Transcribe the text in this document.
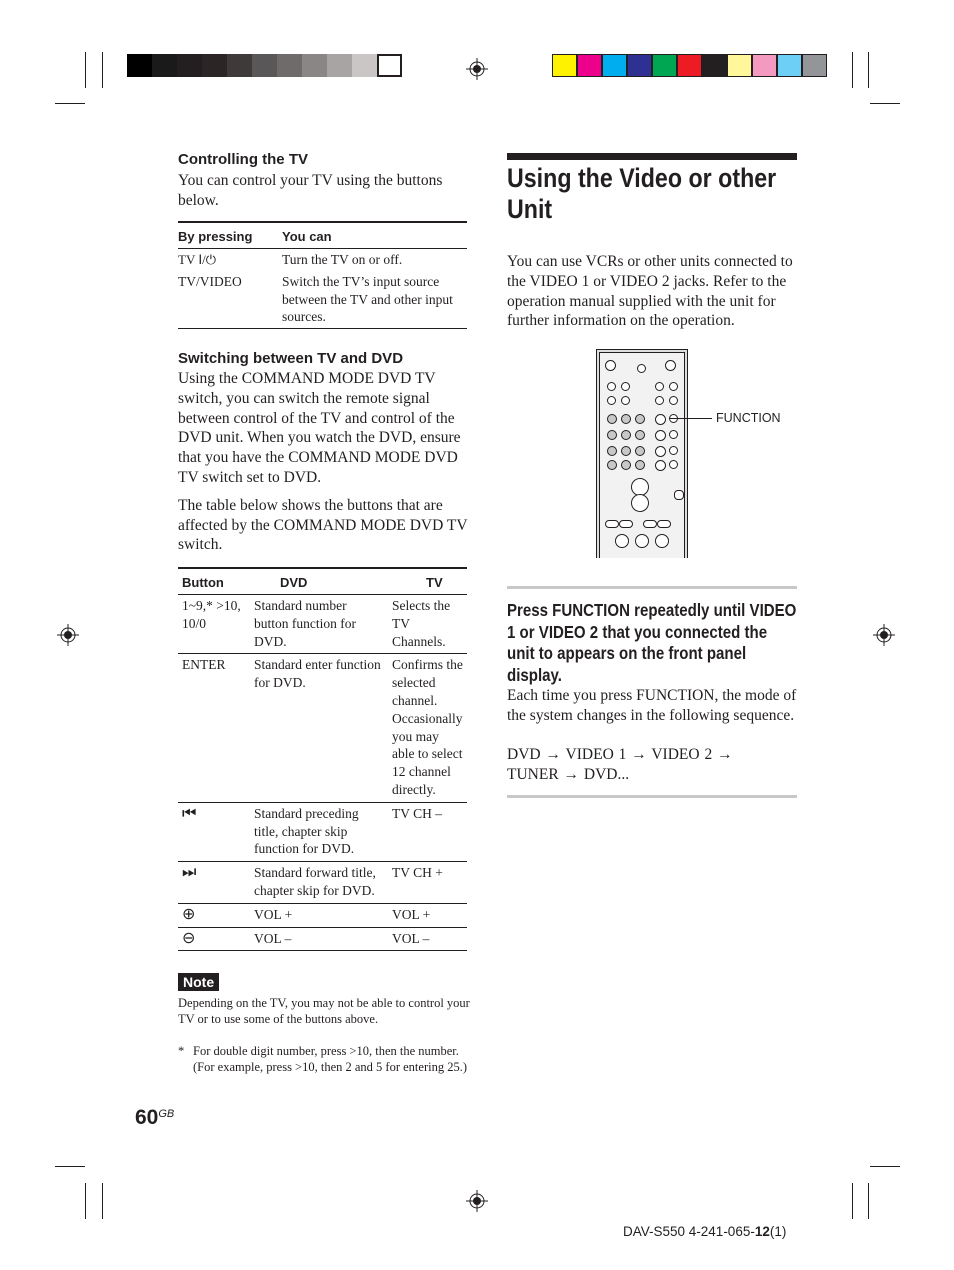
Controlling the TV
You can control your TV using the buttons below.
By pressing	You can
TV Ⅰ/⏻	Turn the TV on or off.
TV/VIDEO	Switch the TV’s input source between the TV and other input sources.
Switching between TV and DVD
Using the COMMAND MODE DVD TV switch, you can switch the remote signal between control of the TV and control of the DVD unit. When you watch the DVD, ensure that you have the COMMAND MODE DVD TV switch set to DVD.
The table below shows the buttons that are affected by the COMMAND MODE DVD TV switch.
Button	DVD	TV
1~9,* >10, 10/0	Standard number button function for DVD.	Selects the TV Channels.
ENTER	Standard enter function for DVD.	Confirms the selected channel. Occasionally you may able to select 12 channel directly.
⏮	Standard preceding title, chapter skip function for DVD.	TV CH –
⏭	Standard forward title, chapter skip for DVD.	TV CH +
⊕	VOL +	VOL +
⊖	VOL –	VOL –
Note
Depending on the TV, you may not be able to control your TV or to use some of the buttons above.
* For double digit number, press >10, then the number. (For example, press >10, then 2 and 5 for entering 25.)
$60^{GB}$
Using the Video or other Unit
You can use VCRs or other units connected to the VIDEO 1 or VIDEO 2 jacks. Refer to the operation manual supplied with the unit for further information on the operation.
FUNCTION
Press FUNCTION repeatedly until VIDEO 1 or VIDEO 2 that you connected the unit to appears on the front panel display.
Each time you press FUNCTION, the mode of the system changes in the following sequence.
DVD → VIDEO 1 → VIDEO 2 →
TUNER → DVD...
DAV-S550 4-241-065-12(1)
